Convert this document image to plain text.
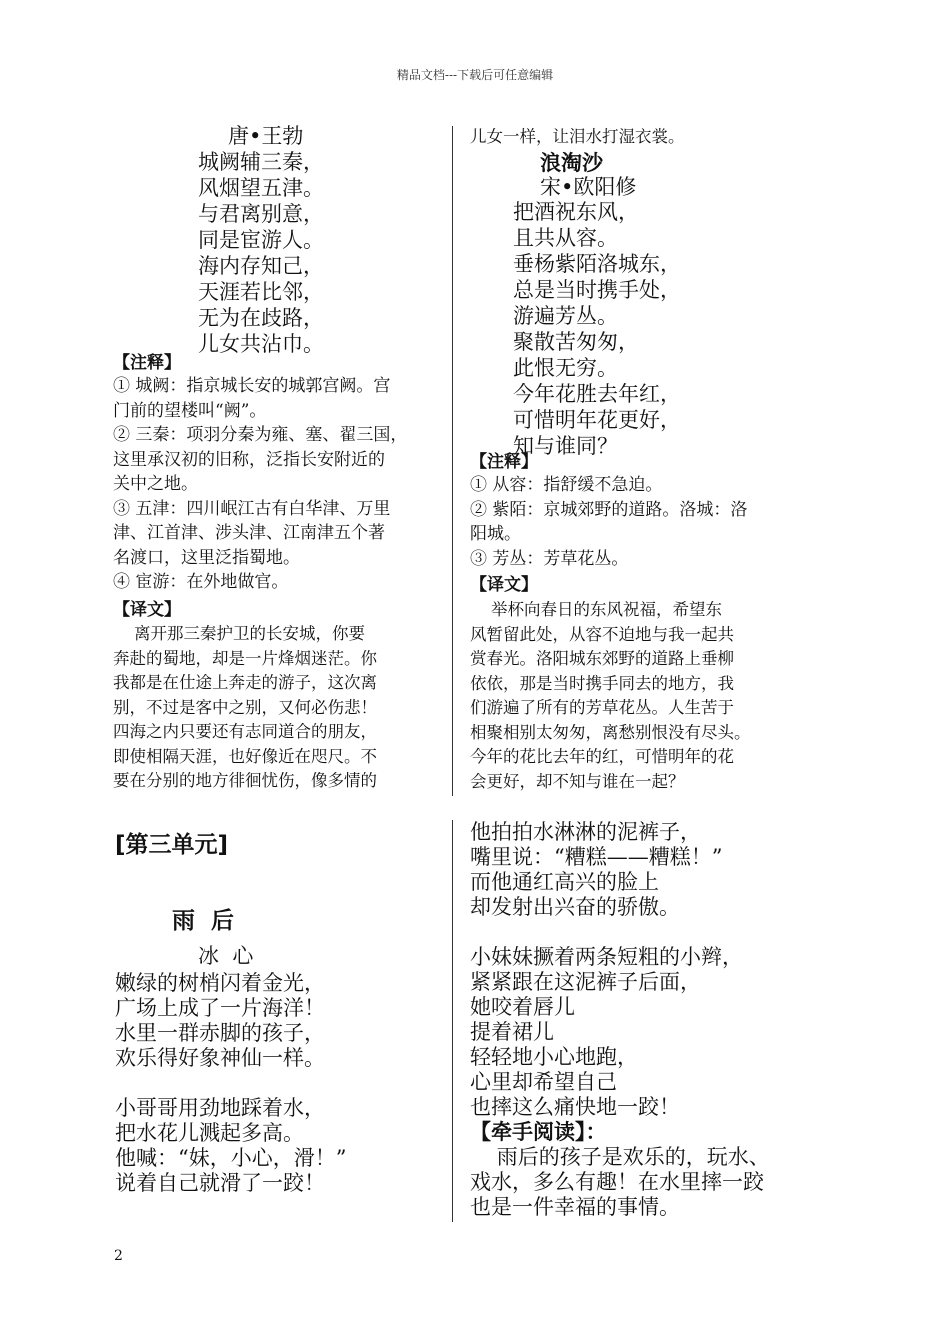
精品文档---下载后可任意编辑
唐•王勃
城阙辅三秦，
风烟望五津。
与君离别意，
同是宦游人。
海内存知己，
天涯若比邻，
无为在歧路，
儿女共沾巾。
【注释】
① 城阙：指京城长安的城郭宫阙。宫
门前的望楼叫“阙”。
② 三秦：项羽分秦为雍、塞、翟三国，
这里承汉初的旧称，泛指长安附近的
关中之地。
③ 五津：四川岷江古有白华津、万里
津、江首津、涉头津、江南津五个著
名渡口，这里泛指蜀地。
④ 宦游：在外地做官。
【译文】
离开那三秦护卫的长安城，你要
奔赴的蜀地，却是一片烽烟迷茫。你
我都是在仕途上奔走的游子，这次离
别，不过是客中之别，又何必伤悲！
四海之内只要还有志同道合的朋友，
即使相隔天涯，也好像近在咫尺。不
要在分别的地方徘徊忧伤，像多情的
儿女一样，让泪水打湿衣裳。
浪淘沙
宋•欧阳修
把酒祝东风，
且共从容。
垂杨紫陌洛城东，
总是当时携手处，
游遍芳丛。
聚散苦匆匆，
此恨无穷。
今年花胜去年红，
可惜明年花更好，
知与谁同？
【注释】
① 从容：指舒缓不急迫。
② 紫陌：京城郊野的道路。洛城：洛
阳城。
③ 芳丛：芳草花丛。
【译文】
举杯向春日的东风祝福，希望东
风暂留此处，从容不迫地与我一起共
赏春光。洛阳城东郊野的道路上垂柳
依依，那是当时携手同去的地方，我
们游遍了所有的芳草花丛。人生苦于
相聚相别太匆匆，离愁别恨没有尽头。
今年的花比去年的红，可惜明年的花
会更好，却不知与谁在一起？
[第三单元]
雨  后
冰  心
嫩绿的树梢闪着金光，
广场上成了一片海洋！
水里一群赤脚的孩子，
欢乐得好象神仙一样。
小哥哥用劲地踩着水，
把水花儿溅起多高。
他喊：“妹，小心，滑！”
说着自己就滑了一跤！
他拍拍水淋淋的泥裤子，
嘴里说：“糟糕——糟糕！”
而他通红高兴的脸上
却发射出兴奋的骄傲。
小妹妹撅着两条短粗的小辫，
紧紧跟在这泥裤子后面，
她咬着唇儿
提着裙儿
轻轻地小心地跑，
心里却希望自己
也摔这么痛快地一跤！
【牵手阅读】：
雨后的孩子是欢乐的，玩水、
戏水，多么有趣！在水里摔一跤
也是一件幸福的事情。
2
